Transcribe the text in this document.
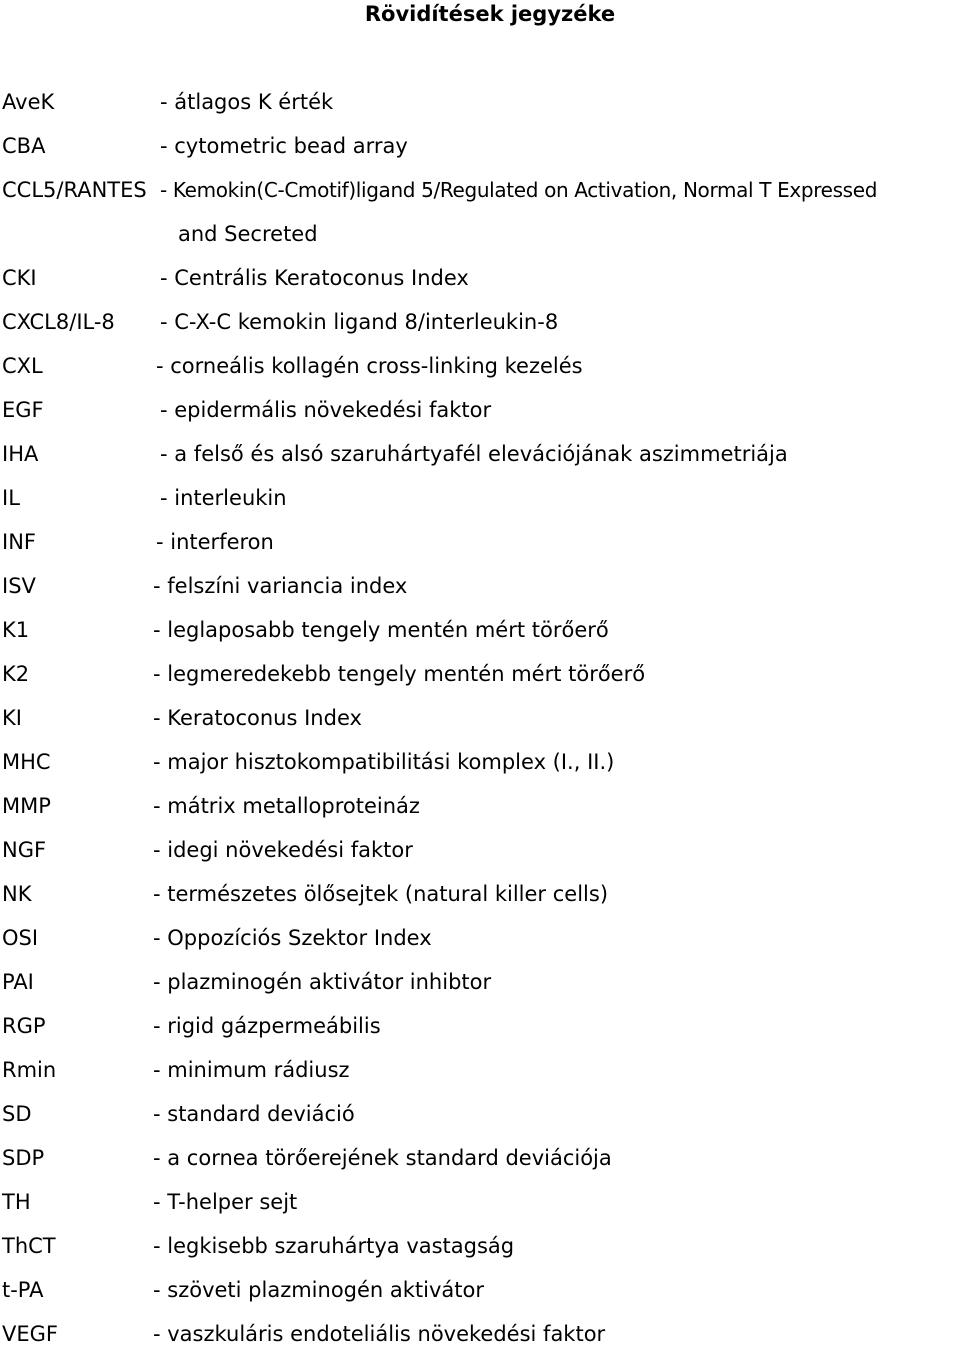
Rövidítések jegyzéke
AveK	- átlagos K érték
CBA	- cytometric bead array
CCL5/RANTES - Kemokin(C-Cmotif)ligand 5/Regulated on Activation, Normal T Expressed
and Secreted
CKI	- Centrális Keratoconus Index
CXCL8/IL-8 - C-X-C kemokin ligand 8/interleukin-8
CXL	- corneális kollagén cross-linking kezelés
EGF	- epidermális növekedési faktor
IHA	- a felső és alsó szaruhártyafél elevációjának aszimmetriája
IL	- interleukin
INF	- interferon
ISV	- felszíni variancia index
K1	- leglaposabb tengely mentén mért törőerő
K2	- legmeredekebb tengely mentén mért törőerő
KI	- Keratoconus Index
MHC	- major hisztokompatibilitási komplex (I., II.)
MMP	- mátrix metalloproteináz
NGF	- idegi növekedési faktor
NK	- természetes ölősejtek (natural killer cells)
OSI	- Oppozíciós Szektor Index
PAI	- plazminogén aktivátor inhibtor
RGP	- rigid gázpermeábilis
Rmin	- minimum rádiusz
SD	- standard deviáció
SDP	- a cornea törőerejének standard deviációja
TH	- T-helper sejt
ThCT	- legkisebb szaruhártya vastagság
t-PA	- szöveti plazminogén aktivátor
VEGF	- vaszkuláris endoteliális növekedési faktor
